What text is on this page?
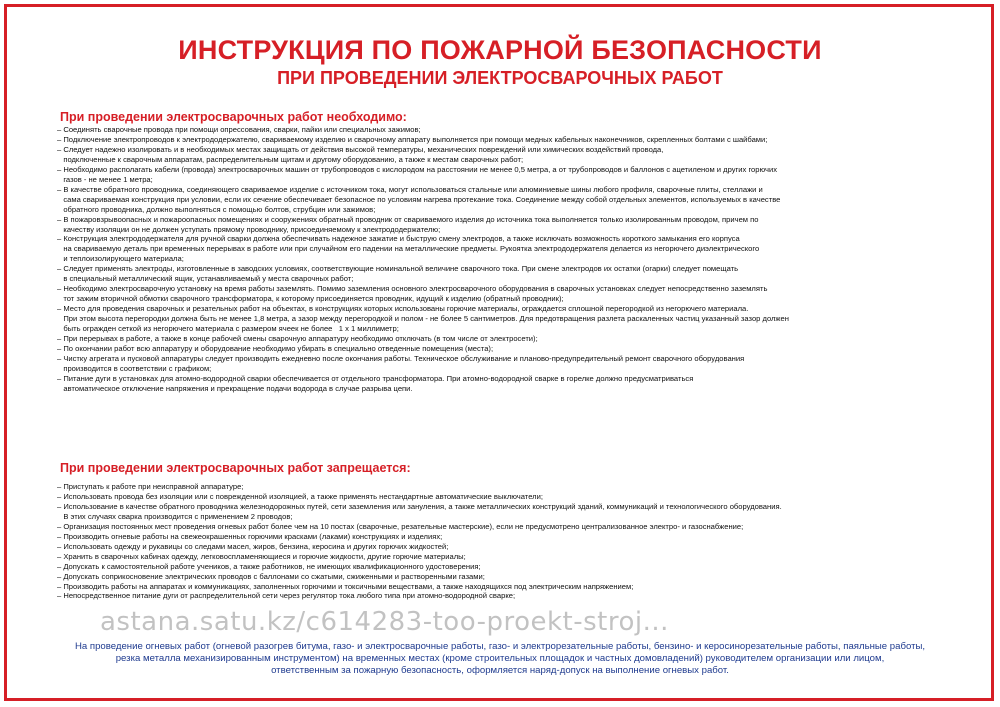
ИНСТРУКЦИЯ ПО ПОЖАРНОЙ БЕЗОПАСНОСТИ
ПРИ ПРОВЕДЕНИИ ЭЛЕКТРОСВАРОЧНЫХ РАБОТ
При проведении электросварочных работ необходимо:
– Соединять сварочные провода при помощи опрессования, сварки, пайки или специальных зажимов;
– Подключение электропроводов к электрододержателю, свариваемому изделию и сварочному аппарату выполняется при помощи медных кабельных наконечников, скрепленных болтами с шайбами;
– Следует надежно изолировать и в необходимых местах защищать от действия высокой температуры, механических повреждений или химических воздействий провода,
подключенные к сварочным аппаратам, распределительным щитам и другому оборудованию, а также к местам сварочных работ;
– Необходимо располагать кабели (провода) электросварочных машин от трубопроводов с кислородом на расстоянии не менее 0,5 метра, а от трубопроводов и баллонов с ацетиленом и других горючих
газов - не менее 1 метра;
– В качестве обратного проводника, соединяющего свариваемое изделие с источником тока, могут использоваться стальные или алюминиевые шины любого профиля, сварочные плиты, стеллажи и
сама свариваемая конструкция при условии, если их сечение обеспечивает безопасное по условиям нагрева протекание тока. Соединение между собой отдельных элементов, используемых в качестве
обратного проводника, должно выполняться с помощью болтов, струбцин или зажимов;
– В пожаровзрывоопасных и пожароопасных помещениях и сооружениях обратный проводник от свариваемого изделия до источника тока выполняется только изолированным проводом, причем по
качеству изоляции он не должен уступать прямому проводнику, присоединяемому к электрододержателю;
– Конструкция электрододержателя для ручной сварки должна обеспечивать надежное зажатие и быструю смену электродов, а также исключать возможность короткого замыкания его корпуса
на свариваемую деталь при временных перерывах в работе или при случайном его падении на металлические предметы. Рукоятка электрододержателя делается из негорючего диэлектрического
и теплоизолирующего материала;
– Следует применять электроды, изготовленные в заводских условиях, соответствующие номинальной величине сварочного тока. При смене электродов их остатки (огарки) следует помещать
в специальный металлический ящик, устанавливаемый у места сварочных работ;
– Необходимо электросварочную установку на время работы заземлять. Помимо заземления основного электросварочного оборудования в сварочных установках следует непосредственно заземлять
тот зажим вторичной обмотки сварочного трансформатора, к которому присоединяется проводник, идущий к изделию (обратный проводник);
– Место для проведения сварочных и резательных работ на объектах, в конструкциях которых использованы горючие материалы, ограждается сплошной перегородкой из негорючего материала.
При этом высота перегородки должна быть не менее 1,8 метра, а зазор между перегородкой и полом - не более 5 сантиметров. Для предотвращения разлета раскаленных частиц указанный зазор должен
быть огражден сеткой из негорючего материала с размером ячеек не более   1 x 1 миллиметр;
– При перерывах в работе, а также в конце рабочей смены сварочную аппаратуру необходимо отключать (в том числе от электросети);
– По окончании работ всю аппаратуру и оборудование необходимо убирать в специально отведенные помещения (места);
– Чистку агрегата и пусковой аппаратуры следует производить ежедневно после окончания работы. Техническое обслуживание и планово-предупредительный ремонт сварочного оборудования
производится в соответствии с графиком;
– Питание дуги в установках для атомно-водородной сварки обеспечивается от отдельного трансформатора. При атомно-водородной сварке в горелке должно предусматриваться
автоматическое отключение напряжения и прекращение подачи водорода в случае разрыва цепи.
При проведении электросварочных работ запрещается:
– Приступать к работе при неисправной аппаратуре;
– Использовать провода без изоляции или с поврежденной изоляцией, а также применять нестандартные автоматические выключатели;
– Использование в качестве обратного проводника железнодорожных путей, сети заземления или зануления, а также металлических конструкций зданий, коммуникаций и технологического оборудования.
В этих случаях сварка производится с применением 2 проводов;
– Организация постоянных мест проведения огневых работ более чем на 10 постах (сварочные, резательные мастерские), если не предусмотрено централизованное электро- и газоснабжение;
– Производить огневые работы на свежеокрашенных горючими красками (лаками) конструкциях и изделиях;
– Использовать одежду и рукавицы со следами масел, жиров, бензина, керосина и других горючих жидкостей;
– Хранить в сварочных кабинах одежду, легковоспламеняющиеся и горючие жидкости, другие горючие материалы;
– Допускать к самостоятельной работе учеников, а также работников, не имеющих квалификационного удостоверения;
– Допускать соприкосновение электрических проводов с баллонами со сжатыми, сжиженными и растворенными газами;
– Производить работы на аппаратах и коммуникациях, заполненных горючими и токсичными веществами, а также находящихся под электрическим напряжением;
– Непосредственное питание дуги от распределительной сети через регулятор тока любого типа при атомно-водородной сварке;
astana.satu.kz/c614283-too-proekt-stroj...
На проведение огневых работ (огневой разогрев битума, газо- и электросварочные работы, газо- и электрорезательные работы, бензино- и керосинорезательные работы, паяльные работы,
резка металла механизированным инструментом) на временных местах (кроме строительных площадок и частных домовладений) руководителем организации или лицом,
ответственным за пожарную безопасность, оформляется наряд-допуск на выполнение огневых работ.
